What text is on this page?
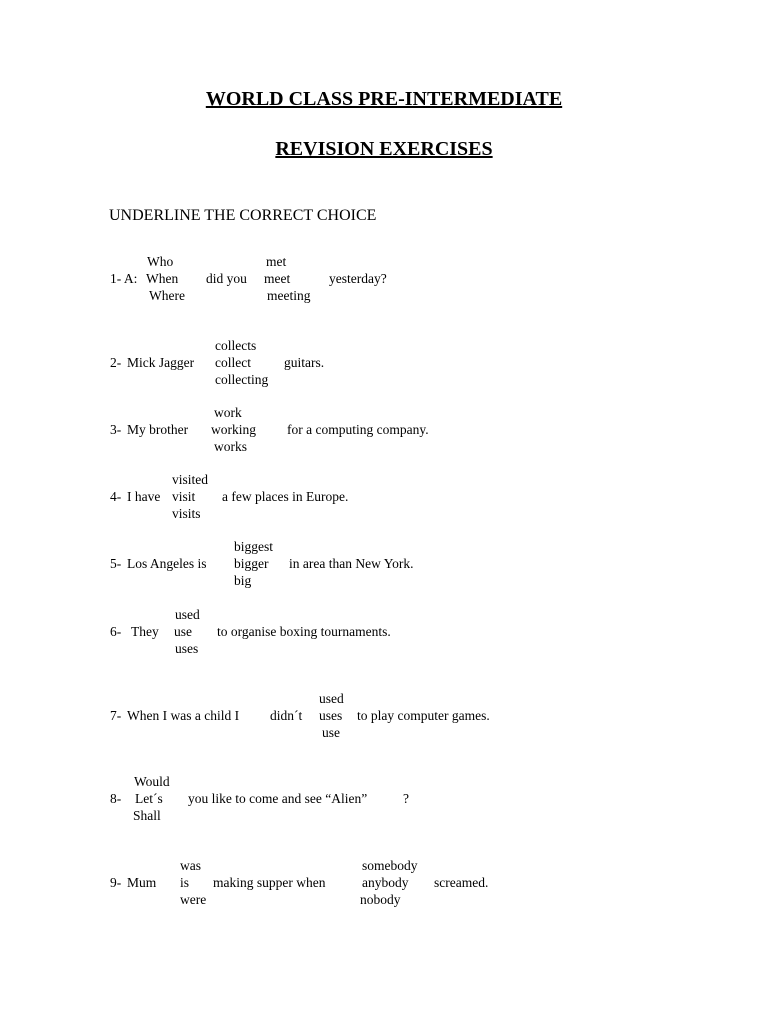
WORLD CLASS PRE-INTERMEDIATE
REVISION EXERCISES
UNDERLINE THE CORRECT CHOICE
1- A:
Who
When
Where
did you
met
meet
meeting
yesterday?
2- Mick Jagger
collects
collect
collecting
guitars.
3- My brother
work
working
works
for a computing company.
4- I have
visited
visit
visits
a few places in Europe.
5- Los Angeles is
biggest
bigger
big
in area than New York.
6- They
used
use
uses
to organise boxing tournaments.
7- When I was a child I didn´t
used
uses
use
to play computer games.
8-
Would
Let´s
Shall
you like to come and see “Alien”	?
9- Mum
was
is
were
making supper when
somebody
anybody
nobody
screamed.
